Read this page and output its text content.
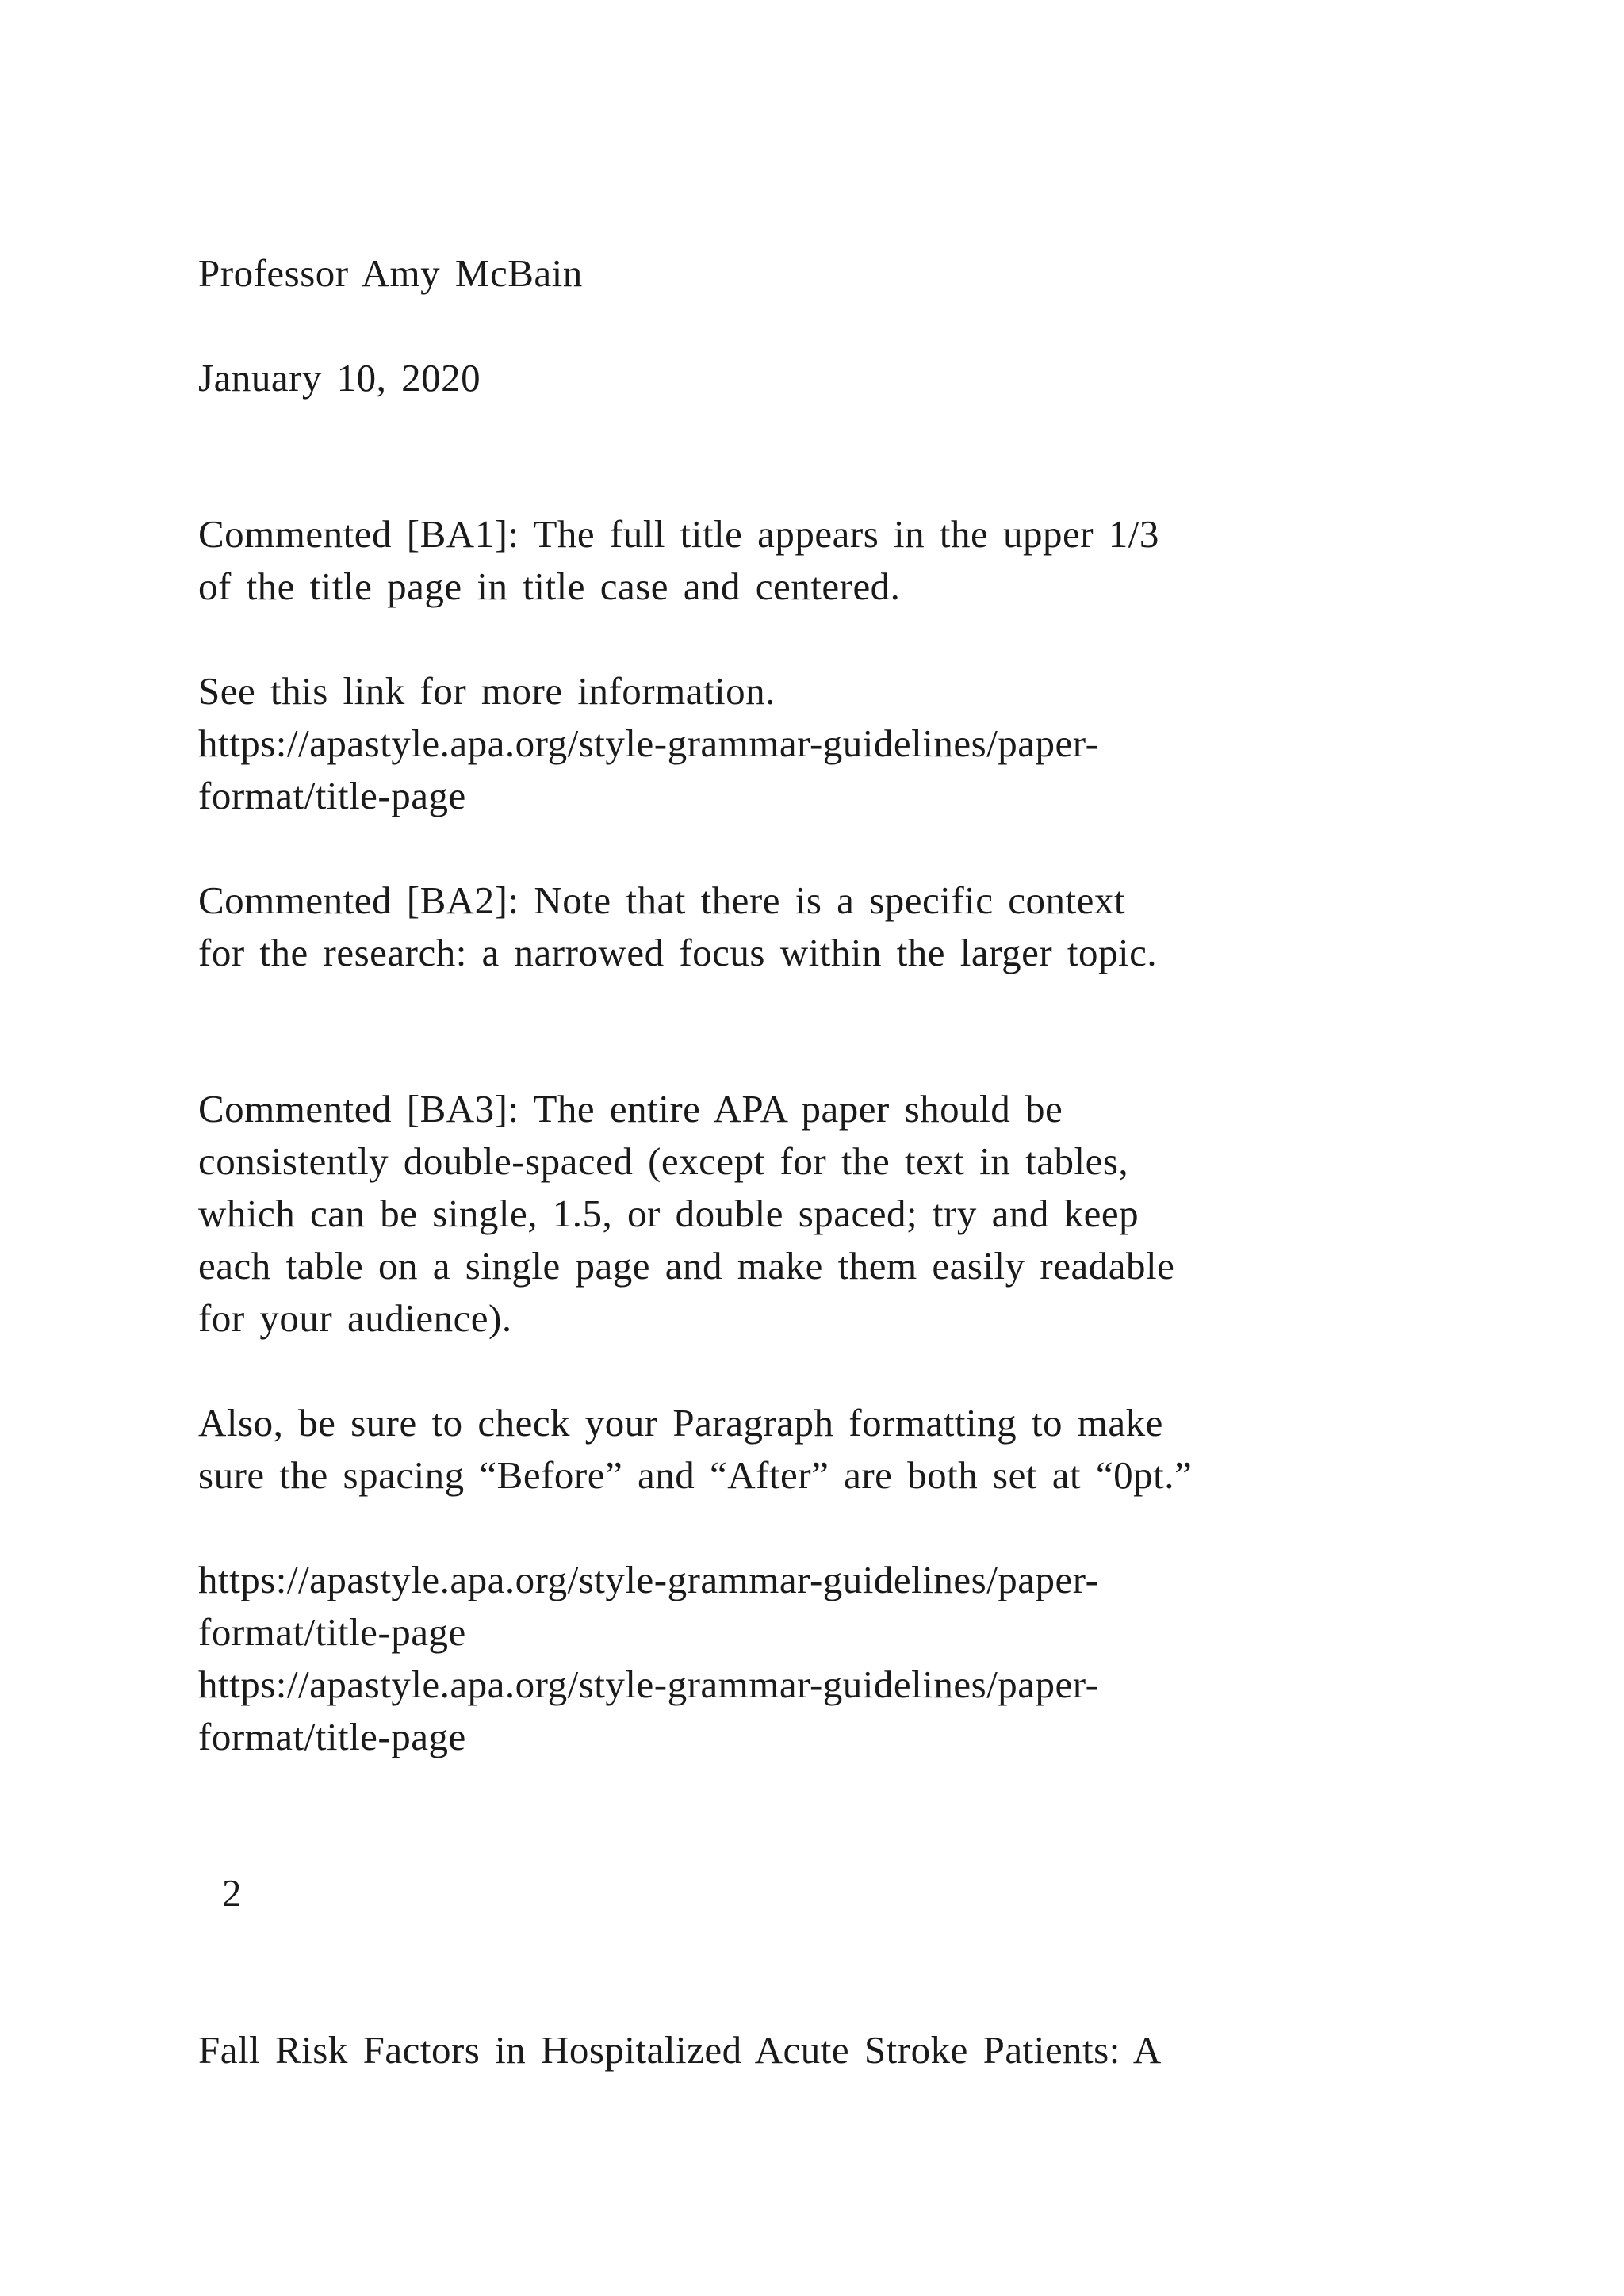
Professor Amy McBain
January 10, 2020
Commented [BA1]: The full title appears in the upper 1/3
of the title page in title case and centered.
See this link for more information.
https://apastyle.apa.org/style-grammar-guidelines/paper-
format/title-page
Commented [BA2]: Note that there is a specific context
for the research: a narrowed focus within the larger topic.
Commented [BA3]: The entire APA paper should be
consistently double-spaced (except for the text in tables,
which can be single, 1.5, or double spaced; try and keep
each table on a single page and make them easily readable
for your audience).
Also, be sure to check your Paragraph formatting to make
sure the spacing “Before” and “After” are both set at “0pt.”
https://apastyle.apa.org/style-grammar-guidelines/paper-
format/title-page
https://apastyle.apa.org/style-grammar-guidelines/paper-
format/title-page
2
Fall Risk Factors in Hospitalized Acute Stroke Patients: A
